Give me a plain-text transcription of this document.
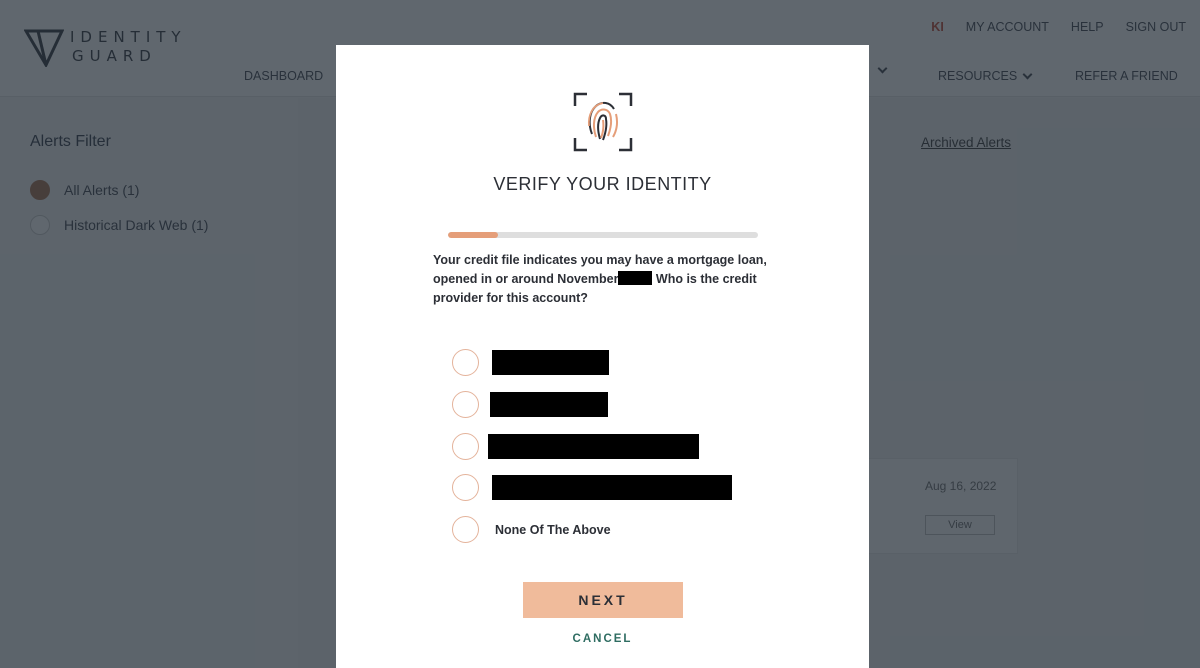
VERIFY YOUR IDENTITY

Your credit file indicates you may have a mortgage loan, opened in or around November	Who is the credit provider for this account?

None Of The Above
NEXT
CANCEL
